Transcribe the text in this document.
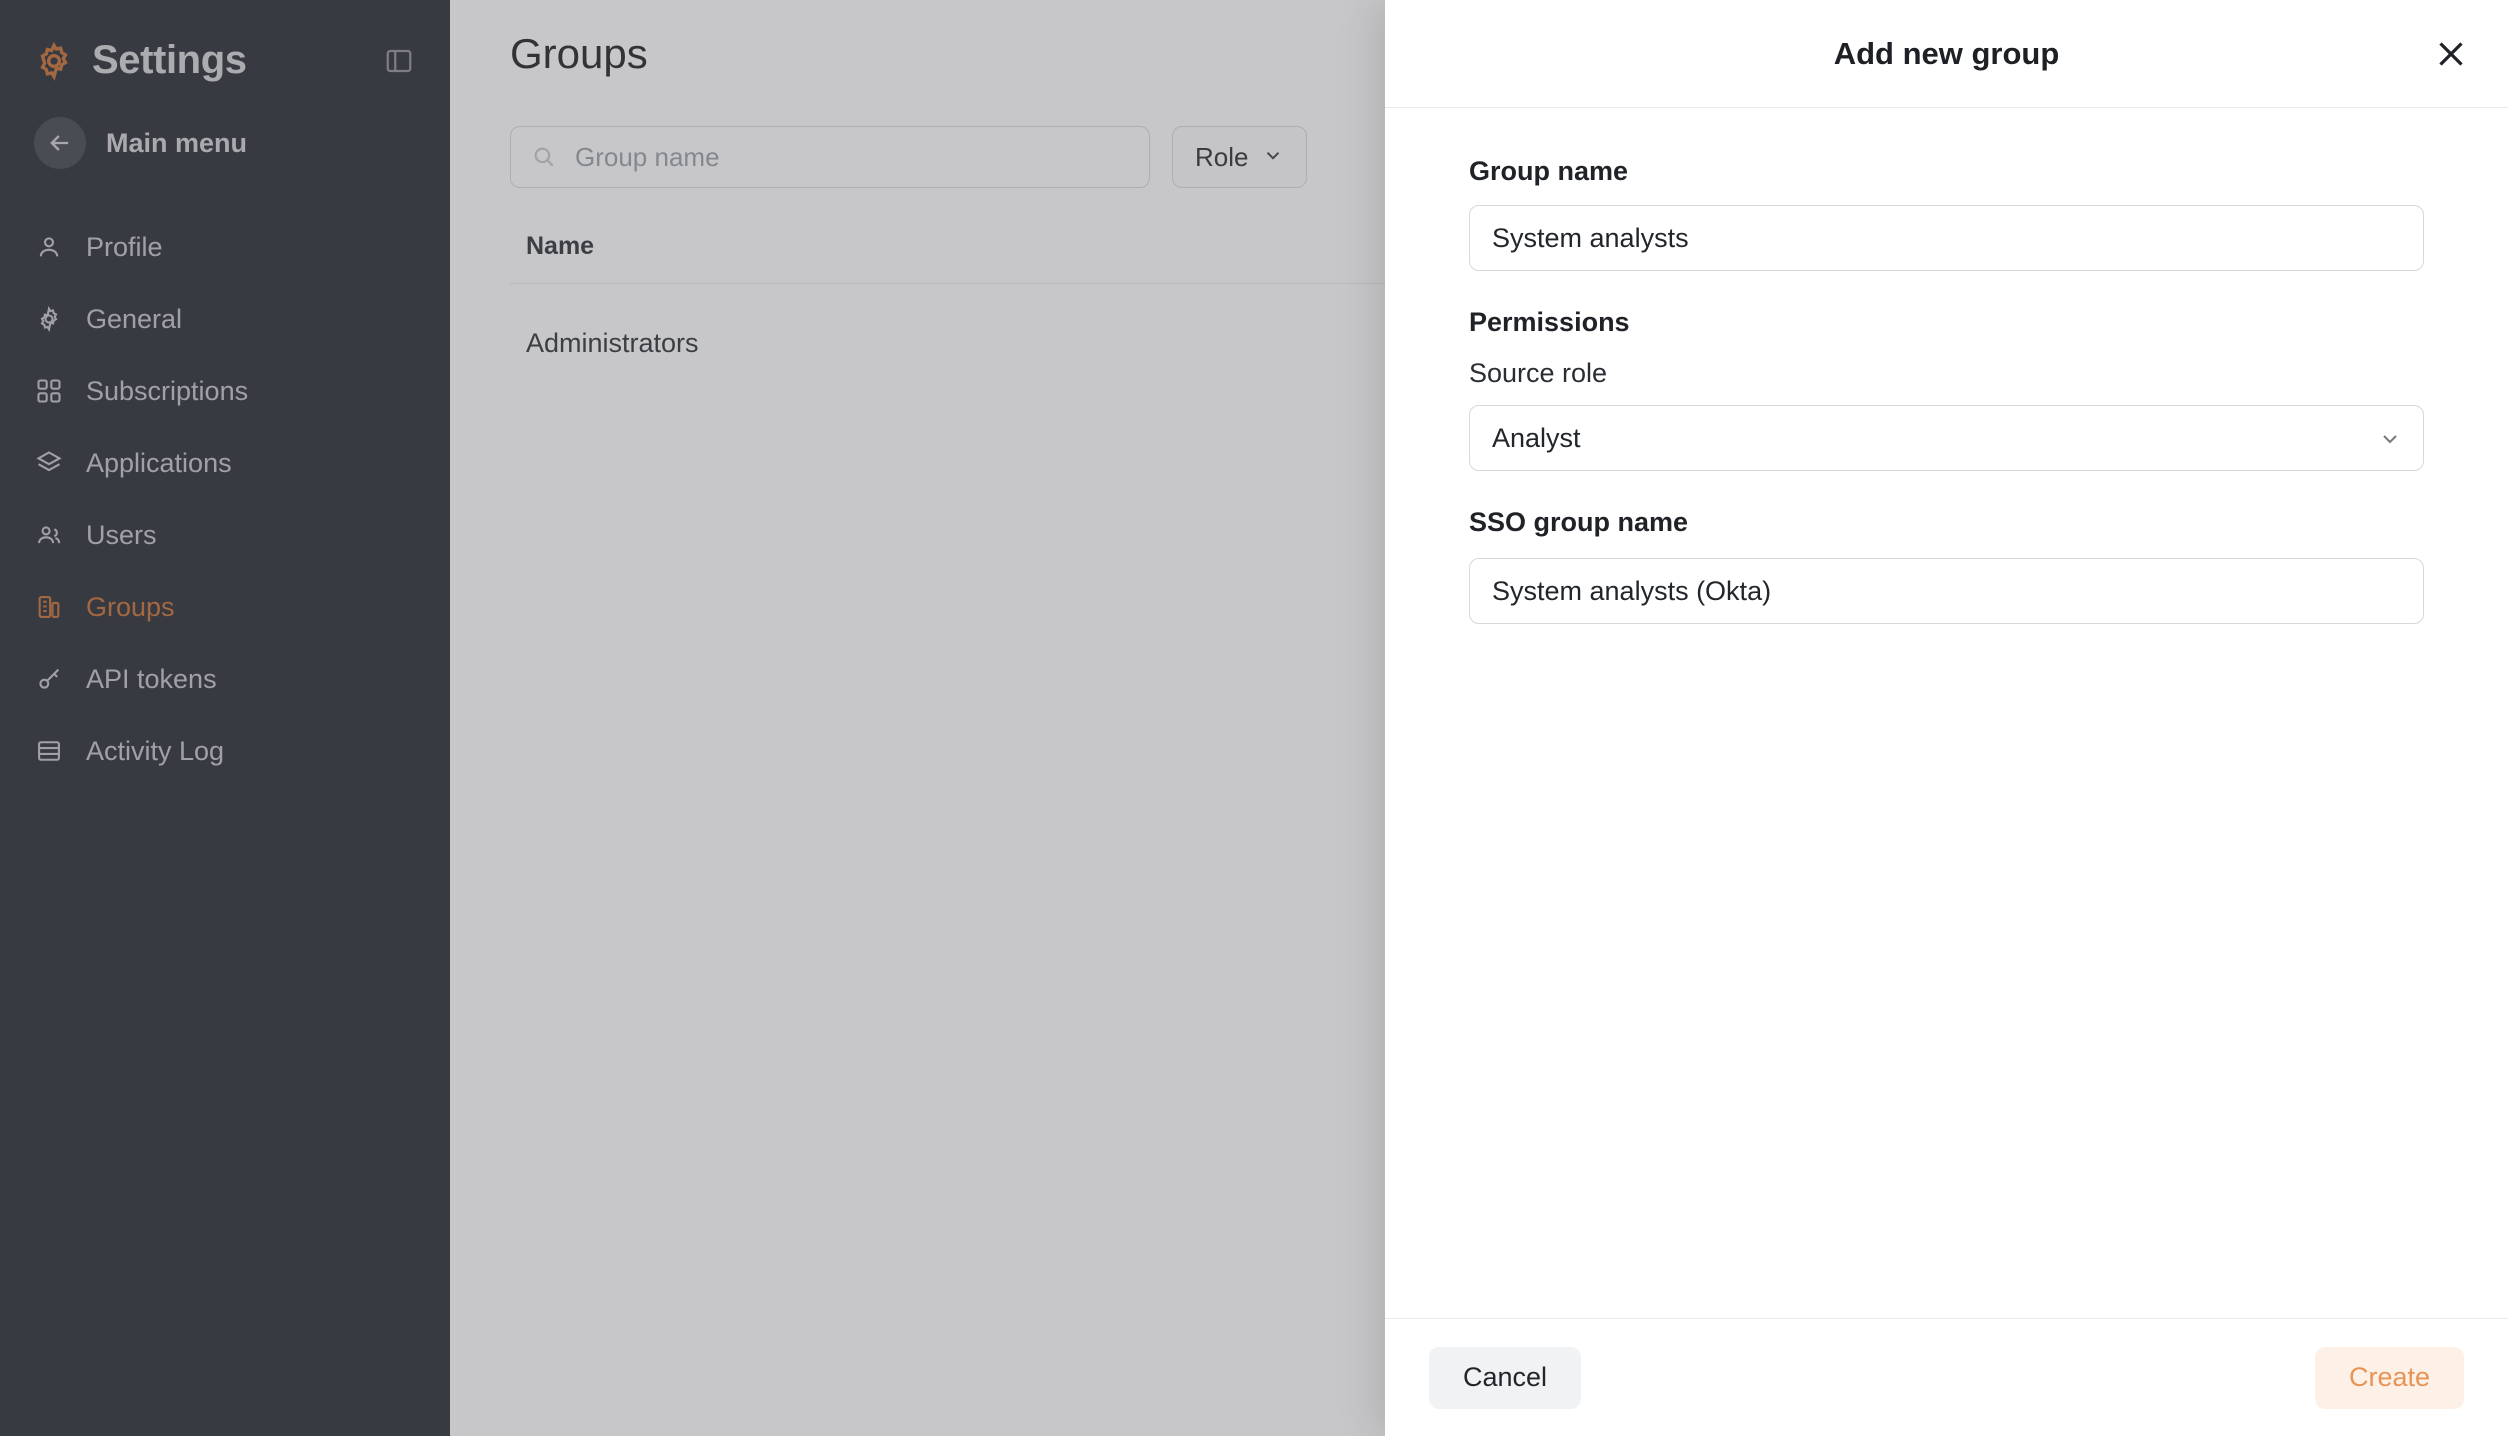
Settings
Main menu
Profile
General
Subscriptions
Applications
Users
Groups
API tokens
Activity Log
Groups
Group name
Role
Name
Administrators
Add new group

Group name

System analysts

Permissions

Source role

Analyst

SSO group name

System analysts (Okta)
Cancel	Create
